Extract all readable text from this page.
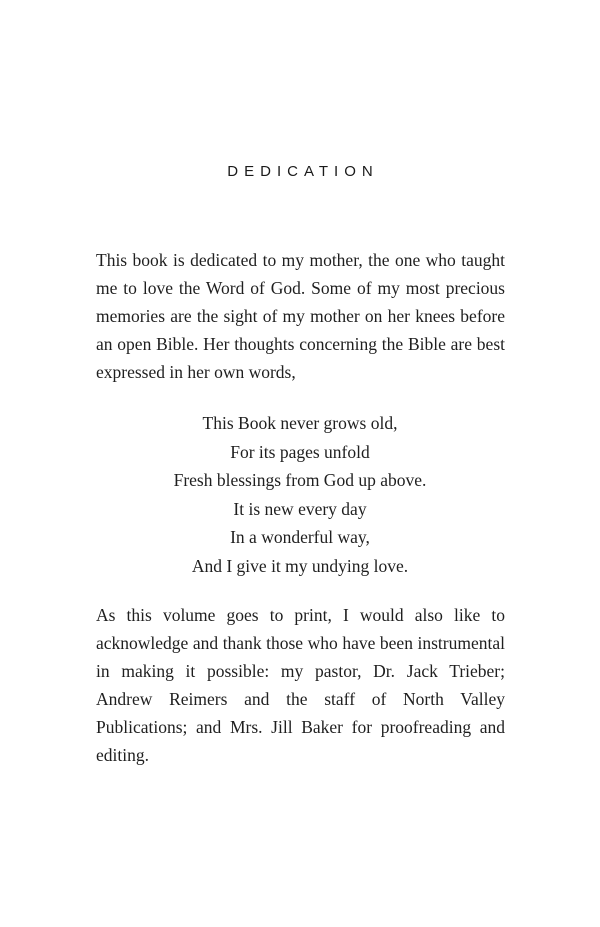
DEDICATION

This book is dedicated to my mother, the one who taught me to love the Word of God. Some of my most precious memories are the sight of my mother on her knees before an open Bible. Her thoughts concerning the Bible are best expressed in her own words,

This Book never grows old,
For its pages unfold
Fresh blessings from God up above.
It is new every day
In a wonderful way,
And I give it my undying love.

As this volume goes to print, I would also like to acknowledge and thank those who have been instrumental in making it possible: my pastor, Dr. Jack Trieber; Andrew Reimers and the staff of North Valley Publications; and Mrs. Jill Baker for proofreading and editing.
